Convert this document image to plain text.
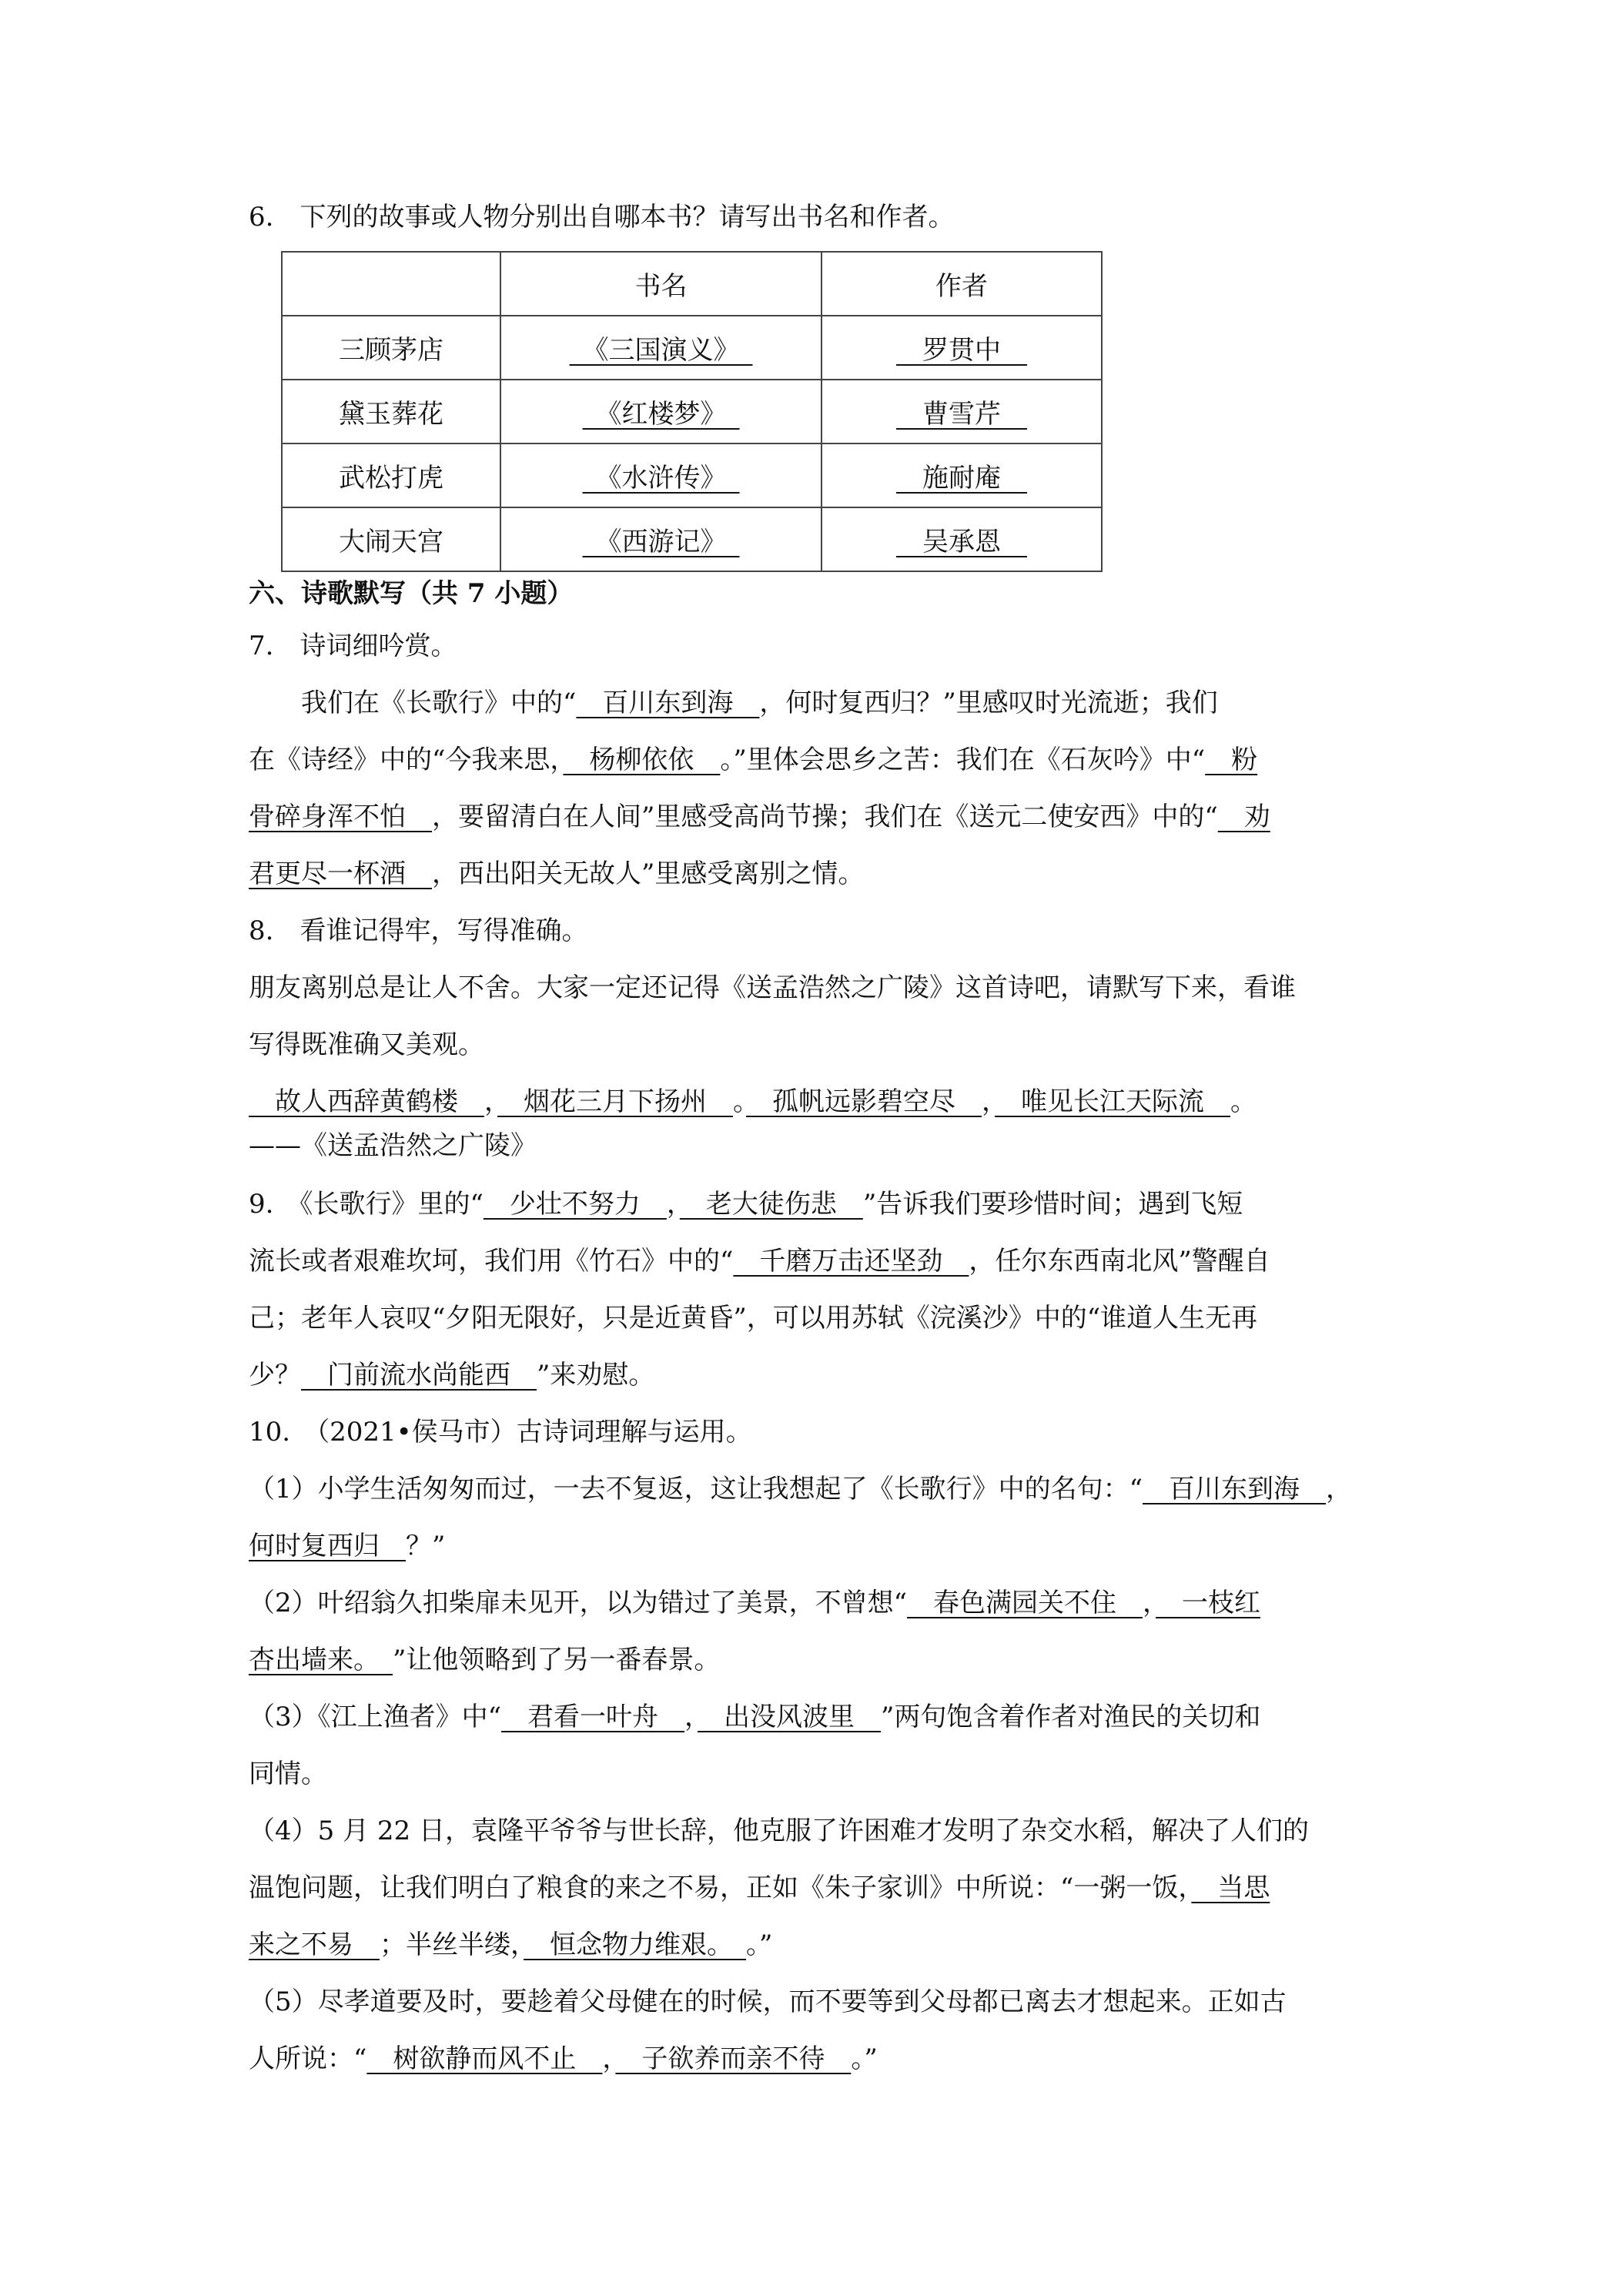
6.　下列的故事或人物分别出自哪本书？请写出书名和作者。
	书名	作者
三顾茅店	　《三国演义》　	　罗贯中　
黛玉葬花	　《红楼梦》　	　曹雪芹　
武松打虎	　《水浒传》　	　施耐庵　
大闹天宫	　《西游记》　	　吴承恩　
六、诗歌默写（共 7 小题）
7.　诗词细吟赏。
　　我们在《长歌行》中的“　百川东到海　，何时复西归？”里感叹时光流逝；我们
在《诗经》中的“今我来思，　杨柳依依　。”里体会思乡之苦：我们在《石灰吟》中“　粉
骨碎身浑不怕　，要留清白在人间”里感受高尚节操；我们在《送元二使安西》中的“　劝
君更尽一杯酒　，西出阳关无故人”里感受离别之情。
8.　看谁记得牢，写得准确。
朋友离别总是让人不舍。大家一定还记得《送孟浩然之广陵》这首诗吧，请默写下来，看谁
写得既准确又美观。
　故人西辞黄鹤楼　，　烟花三月下扬州　。　孤帆远影碧空尽　，　唯见长江天际流　。
——《送孟浩然之广陵》
9.　《长歌行》里的“　少壮不努力　，　老大徒伤悲　”告诉我们要珍惜时间；遇到飞短
流长或者艰难坎坷，我们用《竹石》中的“　千磨万击还坚劲　，任尔东西南北风”警醒自
己；老年人哀叹“夕阳无限好，只是近黄昏”，可以用苏轼《浣溪沙》中的“谁道人生无再
少？　门前流水尚能西　”来劝慰。
10.　（2021•侯马市）古诗词理解与运用。
（1）小学生活匆匆而过，一去不复返，这让我想起了《长歌行》中的名句：“　百川东到海　，
何时复西归　？”
（2）叶绍翁久扣柴扉未见开，以为错过了美景，不曾想“　春色满园关不住　，　一枝红
杏出墙来。　”让他领略到了另一番春景。
（3）《江上渔者》中“　君看一叶舟　，　出没风波里　”两句饱含着作者对渔民的关切和
同情。
（4）5 月 22 日，袁隆平爷爷与世长辞，他克服了许困难才发明了杂交水稻，解决了人们的
温饱问题，让我们明白了粮食的来之不易，正如《朱子家训》中所说：“一粥一饭，　当思
来之不易　；半丝半缕，　恒念物力维艰。　。”
（5）尽孝道要及时，要趁着父母健在的时候，而不要等到父母都已离去才想起来。正如古
人所说：“　树欲静而风不止　，　子欲养而亲不待　。”
